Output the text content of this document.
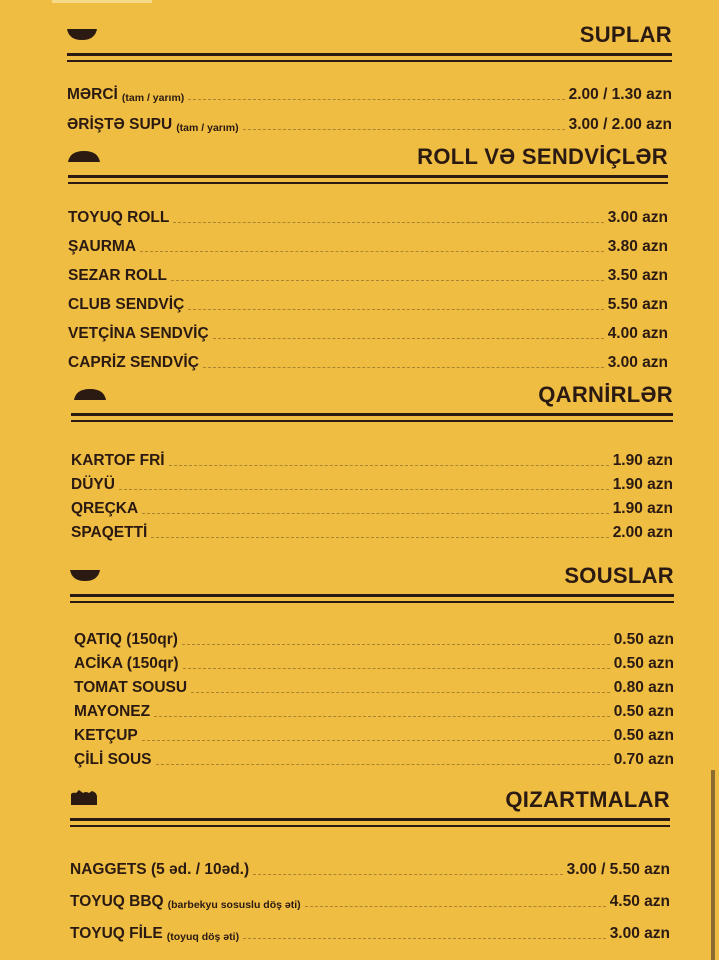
SUPLAR
MƏRCİ (tam / yarım)	2.00 / 1.30 azn
ƏRİŞTƏ SUPU (tam / yarım)	3.00 / 2.00 azn
ROLL VƏ SENDVİÇLƏR
TOYUQ ROLL	3.00 azn
ŞAURMA	3.80 azn
SEZAR ROLL	3.50 azn
CLUB SENDVİÇ	5.50 azn
VETÇİNA SENDVİÇ	4.00 azn
CAPRİZ SENDVİÇ	3.00 azn
QARNİRLƏR
KARTOF FRİ	1.90 azn
DÜYÜ	1.90 azn
QREÇKA	1.90 azn
SPAQETTİ	2.00 azn
SOUSLAR
QATIQ (150qr)	0.50 azn
ACİKA (150qr)	0.50 azn
TOMAT SOUSU	0.80 azn
MAYONEZ	0.50 azn
KETÇUP	0.50 azn
ÇİLİ SOUS	0.70 azn
QIZARTMALAR
NAGGETS (5 əd. / 10əd.)	3.00 / 5.50 azn
TOYUQ BBQ (barbekyu sosuslu döş əti)	4.50 azn
TOYUQ FİLE (toyuq döş əti)	3.00 azn
